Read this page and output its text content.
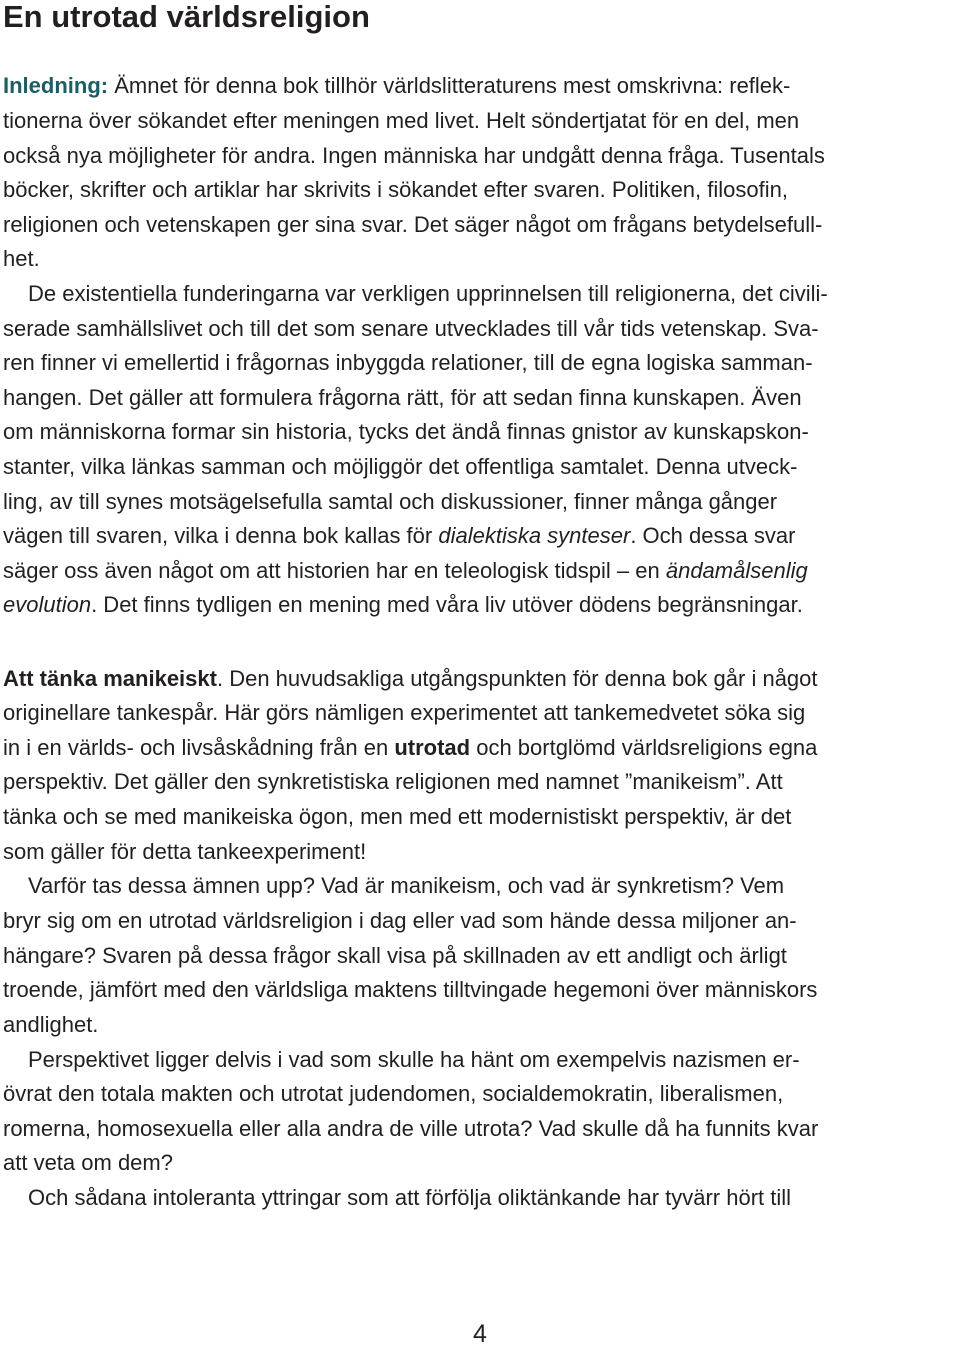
En utrotad världsreligion

Inledning: Ämnet för denna bok tillhör världslitteraturens mest omskrivna: reflek-

tionerna över sökandet efter meningen med livet. Helt söndertjatat för en del, men

också nya möjligheter för andra. Ingen människa har undgått denna fråga. Tusentals

böcker, skrifter och artiklar har skrivits i sökandet efter svaren. Politiken, filosofin,

religionen och vetenskapen ger sina svar. Det säger något om frågans betydelsefull-

het.

De existentiella funderingarna var verkligen upprinnelsen till religionerna, det civili-

serade samhällslivet och till det som senare utvecklades till vår tids vetenskap. Sva-

ren finner vi emellertid i frågornas inbyggda relationer, till de egna logiska samman-

hangen. Det gäller att formulera frågorna rätt, för att sedan finna kunskapen. Även

om människorna formar sin historia, tycks det ändå finnas gnistor av kunskapskon-

stanter, vilka länkas samman och möjliggör det offentliga samtalet. Denna utveck-

ling, av till synes motsägelsefulla samtal och diskussioner, finner många gånger

vägen till svaren, vilka i denna bok kallas för dialektiska synteser. Och dessa svar

säger oss även något om att historien har en teleologisk tidspil – en ändamålsenlig

evolution. Det finns tydligen en mening med våra liv utöver dödens begränsningar.

Att tänka manikeiskt. Den huvudsakliga utgångspunkten för denna bok går i något

originellare tankespår. Här görs nämligen experimentet att tankemedvetet söka sig

in i en världs- och livsåskådning från en utrotad och bortglömd världsreligions egna

perspektiv. Det gäller den synkretistiska religionen med namnet ”manikeism”. Att

tänka och se med manikeiska ögon, men med ett modernistiskt perspektiv, är det

som gäller för detta tankeexperiment!

Varför tas dessa ämnen upp? Vad är manikeism, och vad är synkretism? Vem

bryr sig om en utrotad världsreligion i dag eller vad som hände dessa miljoner an-

hängare? Svaren på dessa frågor skall visa på skillnaden av ett andligt och ärligt

troende, jämfört med den världsliga maktens tilltvingade hegemoni över människors

andlighet.

Perspektivet ligger delvis i vad som skulle ha hänt om exempelvis nazismen er-

övrat den totala makten och utrotat judendomen, socialdemokratin, liberalismen,

romerna, homosexuella eller alla andra de ville utrota? Vad skulle då ha funnits kvar

att veta om dem?

Och sådana intoleranta yttringar som att förfölja oliktänkande har tyvärr hört till

4
